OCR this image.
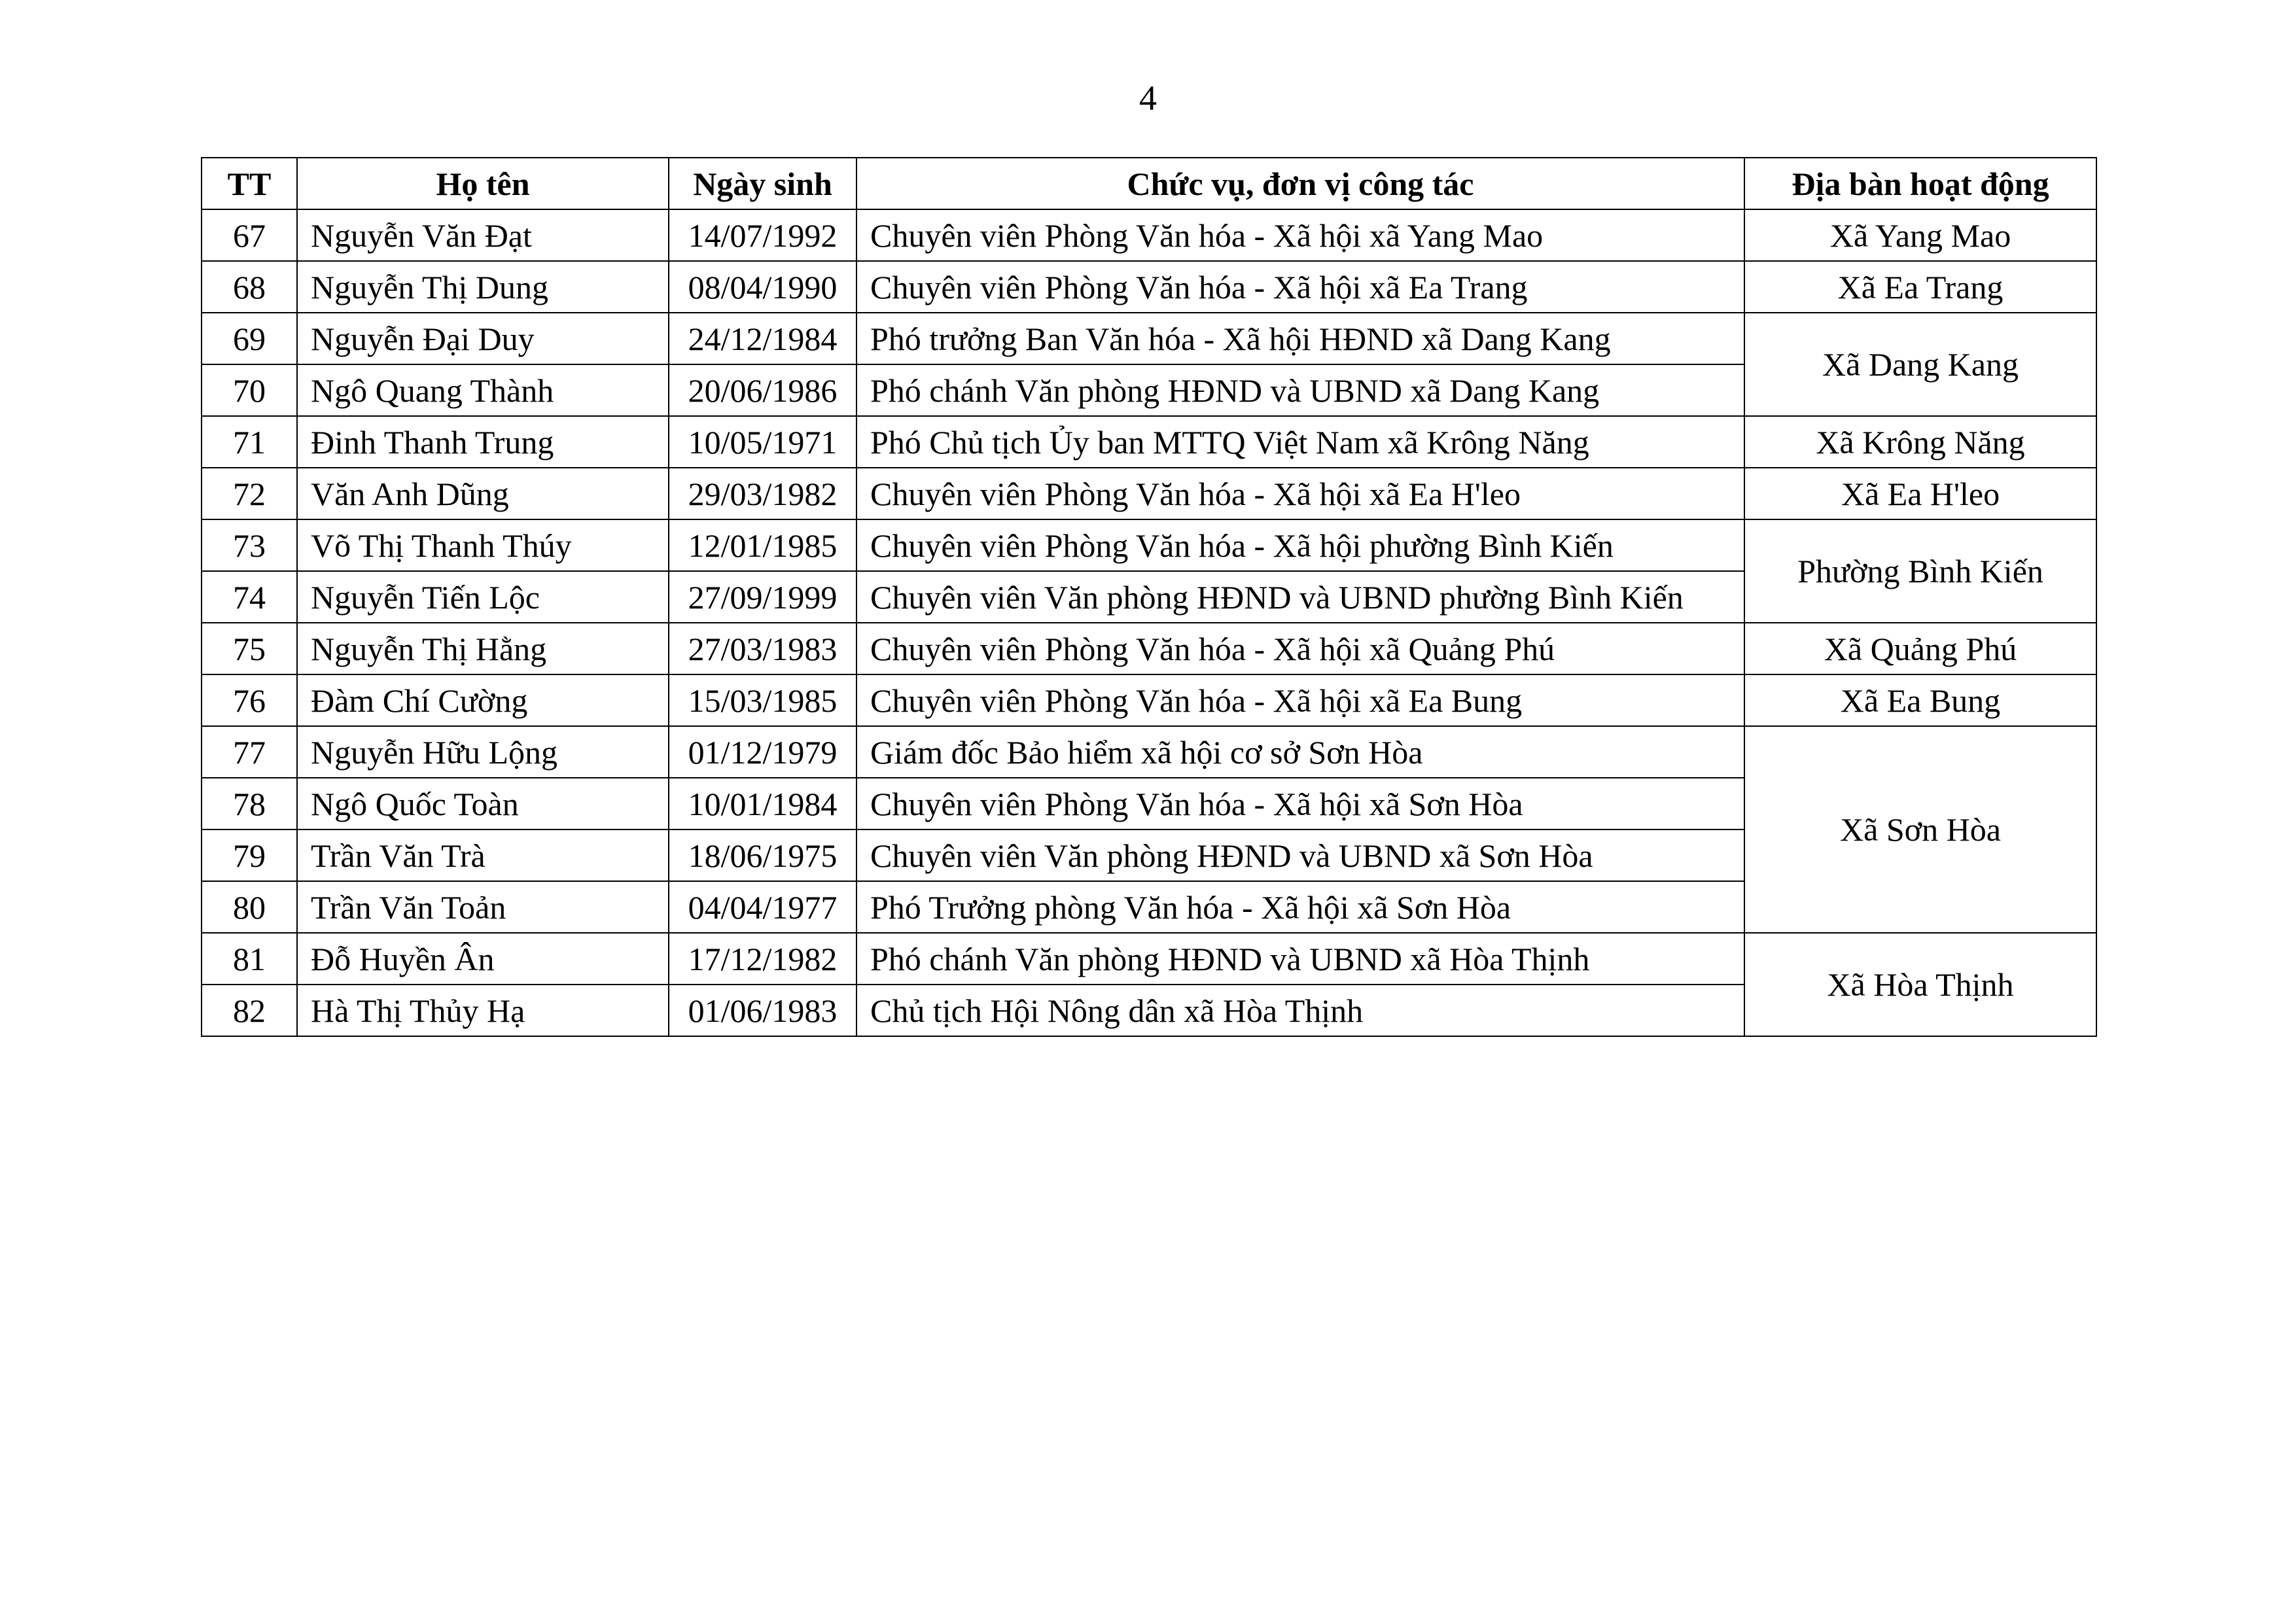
4
TT	Họ tên	Ngày sinh	Chức vụ, đơn vị công tác	Địa bàn hoạt động
67	Nguyễn Văn Đạt	14/07/1992	Chuyên viên Phòng Văn hóa - Xã hội xã Yang Mao	Xã Yang Mao
68	Nguyễn Thị Dung	08/04/1990	Chuyên viên Phòng Văn hóa - Xã hội xã Ea Trang	Xã Ea Trang
69	Nguyễn Đại Duy	24/12/1984	Phó trưởng Ban Văn hóa - Xã hội HĐND xã Dang Kang	Xã Dang Kang
70	Ngô Quang Thành	20/06/1986	Phó chánh Văn phòng HĐND và UBND xã Dang Kang	
71	Đinh Thanh Trung	10/05/1971	Phó Chủ tịch Ủy ban MTTQ Việt Nam xã Krông Năng	Xã Krông Năng
72	Văn Anh Dũng	29/03/1982	Chuyên viên Phòng Văn hóa - Xã hội xã Ea H'leo	Xã Ea H'leo
73	Võ Thị Thanh Thúy	12/01/1985	Chuyên viên Phòng Văn hóa - Xã hội phường Bình Kiến	Phường Bình Kiến
74	Nguyễn Tiến Lộc	27/09/1999	Chuyên viên Văn phòng HĐND và UBND phường Bình Kiến	
75	Nguyễn Thị Hằng	27/03/1983	Chuyên viên Phòng Văn hóa - Xã hội xã Quảng Phú	Xã Quảng Phú
76	Đàm Chí Cường	15/03/1985	Chuyên viên Phòng Văn hóa - Xã hội xã Ea Bung	Xã Ea Bung
77	Nguyễn Hữu Lộng	01/12/1979	Giám đốc Bảo hiểm xã hội cơ sở Sơn Hòa	Xã Sơn Hòa
78	Ngô Quốc Toàn	10/01/1984	Chuyên viên Phòng Văn hóa - Xã hội xã Sơn Hòa	
79	Trần Văn Trà	18/06/1975	Chuyên viên Văn phòng HĐND và UBND xã Sơn Hòa	
80	Trần Văn Toản	04/04/1977	Phó Trưởng phòng Văn hóa - Xã hội xã Sơn Hòa	
81	Đỗ Huyền Ân	17/12/1982	Phó chánh Văn phòng HĐND và UBND xã Hòa Thịnh	Xã Hòa Thịnh
82	Hà Thị Thủy Hạ	01/06/1983	Chủ tịch Hội Nông dân xã Hòa Thịnh	
